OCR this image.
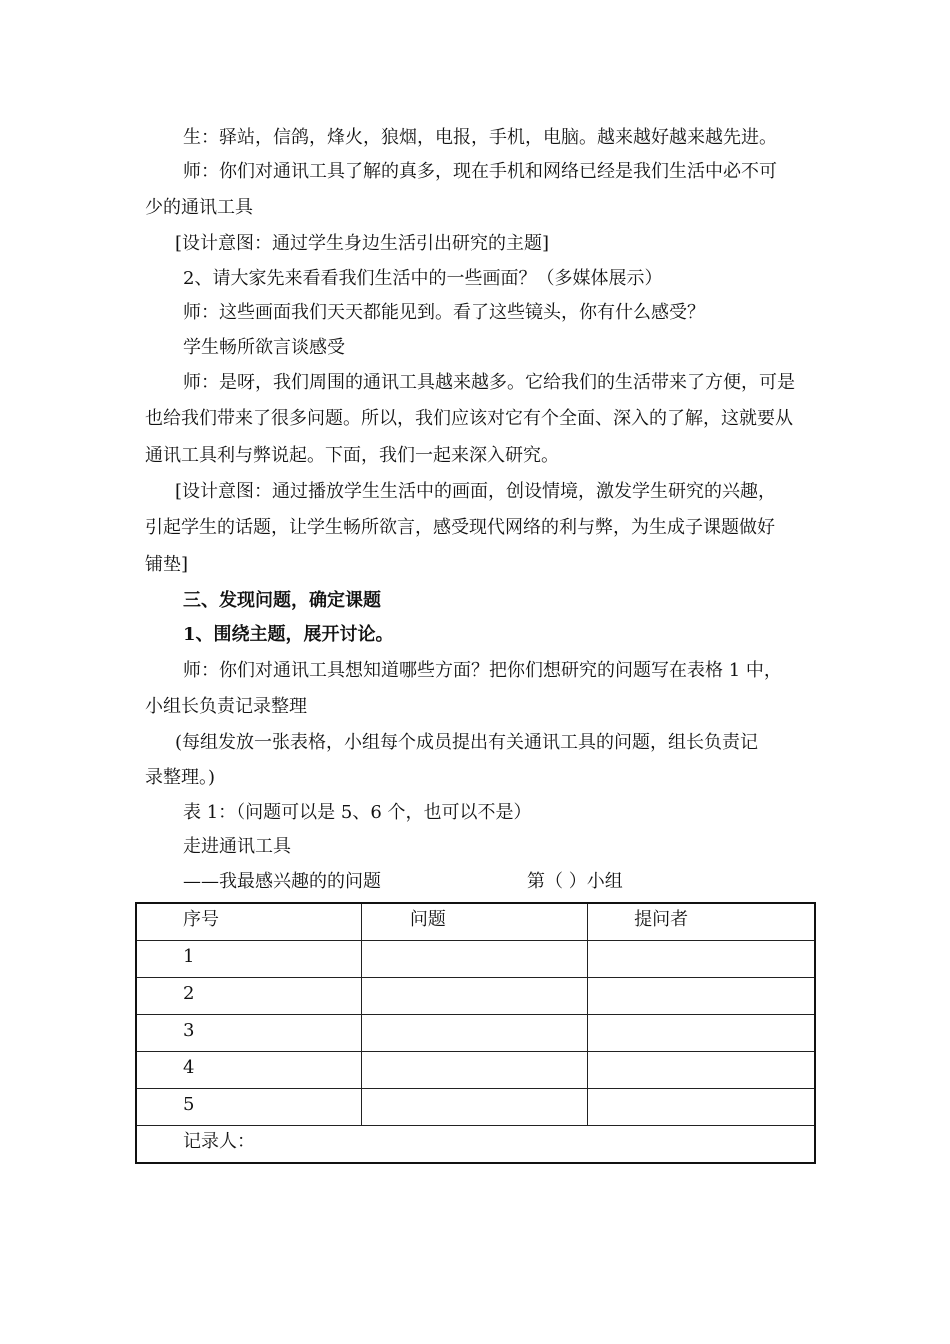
生：驿站，信鸽，烽火，狼烟，电报，手机，电脑。越来越好越来越先进。
师：你们对通讯工具了解的真多，现在手机和网络已经是我们生活中必不可
少的通讯工具
[设计意图：通过学生身边生活引出研究的主题]
2、请大家先来看看我们生活中的一些画面？（多媒体展示）
师：这些画面我们天天都能见到。看了这些镜头，你有什么感受？
学生畅所欲言谈感受
师：是呀，我们周围的通讯工具越来越多。它给我们的生活带来了方便，可是
也给我们带来了很多问题。所以，我们应该对它有个全面、深入的了解，这就要从
通讯工具利与弊说起。下面，我们一起来深入研究。
[设计意图：通过播放学生生活中的画面，创设情境，激发学生研究的兴趣，
引起学生的话题，让学生畅所欲言，感受现代网络的利与弊，为生成子课题做好
铺垫]
三、发现问题，确定课题
1、围绕主题，展开讨论。
师：你们对通讯工具想知道哪些方面？把你们想研究的问题写在表格 1 中，
小组长负责记录整理
(每组发放一张表格，小组每个成员提出有关通讯工具的问题，组长负责记
录整理。)
表 1：（问题可以是 5、6 个，也可以不是）
走进通讯工具
——我最感兴趣的的问题	第（ ）小组
序号	问题	提问者

1		

2		

3		

4		

5		

记录人：		
